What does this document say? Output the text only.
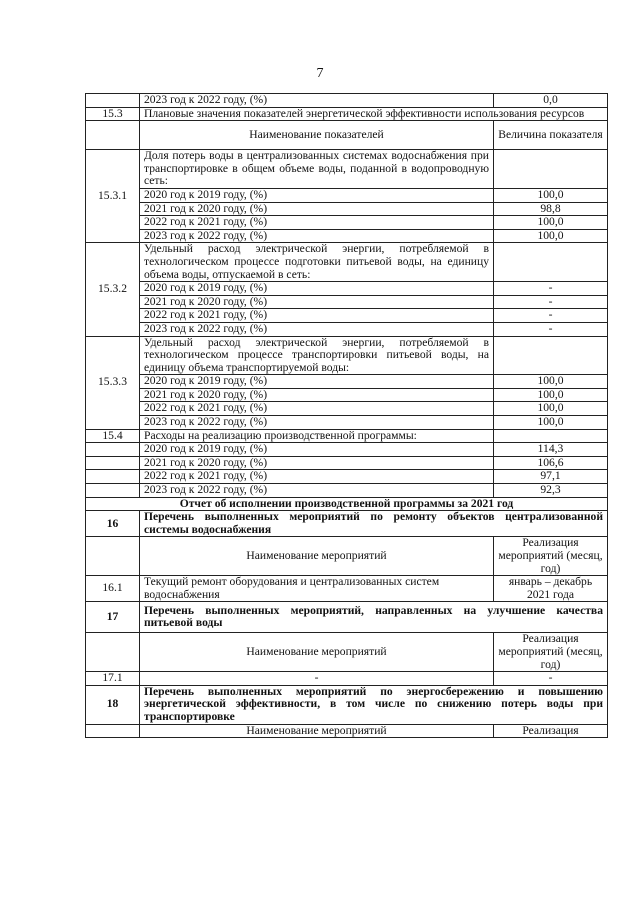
7
	2023 год к 2022 году, (%)	0,0
15.3	Плановые значения показателей энергетической эффективности использования ресурсов	
	Наименование показателей	Величина показателя
15.3.1	Доля потерь воды в централизованных системах водоснабжения при транспортировке в общем объеме воды, поданной в водопроводную сеть:	
	2020 год к 2019 году, (%)	100,0
	2021 год к 2020 году, (%)	98,8
	2022 год к 2021 году, (%)	100,0
	2023 год к 2022 году, (%)	100,0
15.3.2	Удельный расход электрической энергии, потребляемой в технологическом процессе подготовки питьевой воды, на единицу объема воды, отпускаемой в сеть:	
	2020 год к 2019 году, (%)	-
	2021 год к 2020 году, (%)	-
	2022 год к 2021 году, (%)	-
	2023 год к 2022 году, (%)	-
15.3.3	Удельный расход электрической энергии, потребляемой в технологическом процессе транспортировки питьевой воды, на единицу объема транспортируемой воды:	
	2020 год к 2019 году, (%)	100,0
	2021 год к 2020 году, (%)	100,0
	2022 год к 2021 году, (%)	100,0
	2023 год к 2022 году, (%)	100,0
15.4	Расходы на реализацию производственной программы:	
	2020 год к 2019 году, (%)	114,3
	2021 год к 2020 году, (%)	106,6
	2022 год к 2021 году, (%)	97,1
	2023 год к 2022 году, (%)	92,3
Отчет об исполнении производственной программы за 2021 год		
16	Перечень выполненных мероприятий по ремонту объектов централизованной системы водоснабжения	
	Наименование мероприятий	Реализация мероприятий (месяц, год)
16.1	Текущий ремонт оборудования и централизованных систем водоснабжения	январь – декабрь 2021 года
17	Перечень выполненных мероприятий, направленных на улучшение качества питьевой воды	
	Наименование мероприятий	Реализация мероприятий (месяц, год)
17.1	-	-
18	Перечень выполненных мероприятий по энергосбережению и повышению энергетической эффективности, в том числе по снижению потерь воды при транспортировке	
	Наименование мероприятий	Реализация
